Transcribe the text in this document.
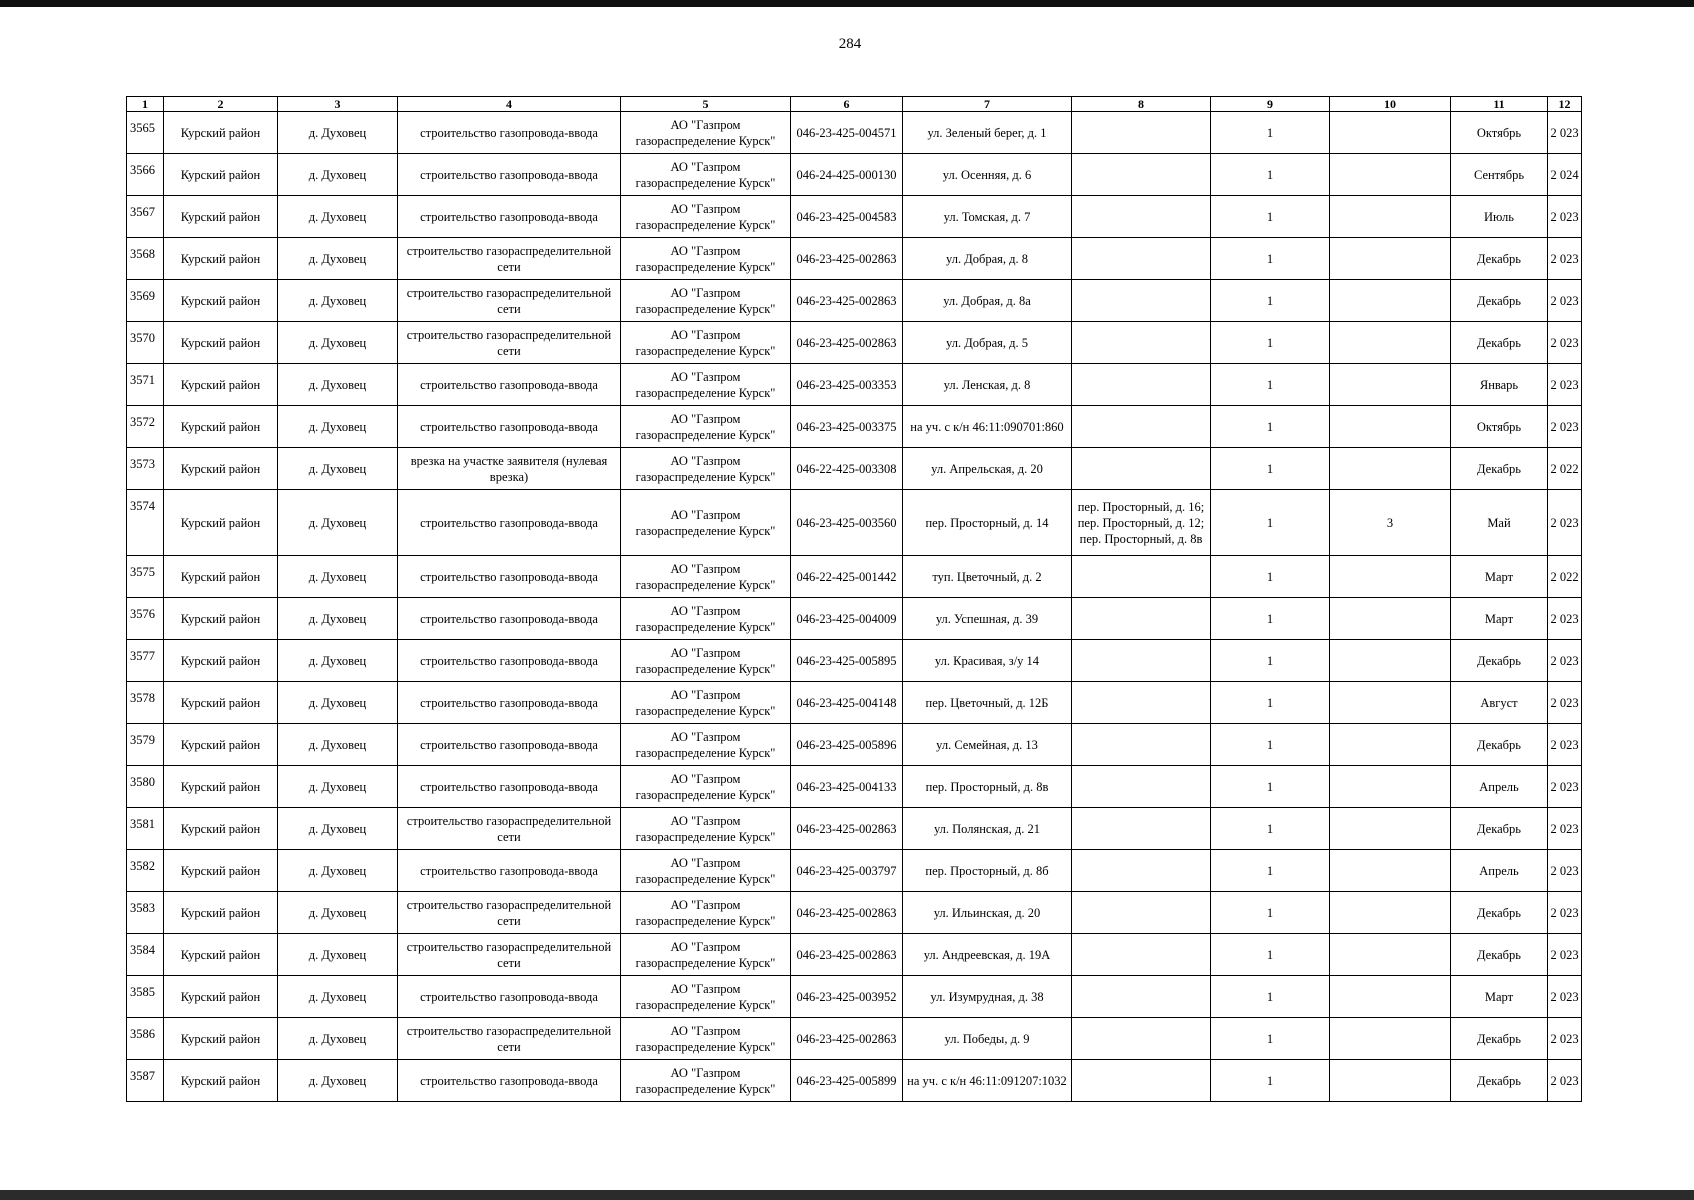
284
1	2	3	4	5	6	7	8	9	10	11	12
3565	Курский район	д. Духовец	строительство газопровода-ввода	АО "Газпром газораспределение Курск"	046-23-425-004571	ул. Зеленый берег, д. 1		1		Октябрь	2 023
3566	Курский район	д. Духовец	строительство газопровода-ввода	АО "Газпром газораспределение Курск"	046-24-425-000130	ул. Осенняя, д. 6		1		Сентябрь	2 024
3567	Курский район	д. Духовец	строительство газопровода-ввода	АО "Газпром газораспределение Курск"	046-23-425-004583	ул. Томская, д. 7		1		Июль	2 023
3568	Курский район	д. Духовец	строительство газораспределительной сети	АО "Газпром газораспределение Курск"	046-23-425-002863	ул. Добрая, д. 8		1		Декабрь	2 023
3569	Курский район	д. Духовец	строительство газораспределительной сети	АО "Газпром газораспределение Курск"	046-23-425-002863	ул. Добрая, д. 8а		1		Декабрь	2 023
3570	Курский район	д. Духовец	строительство газораспределительной сети	АО "Газпром газораспределение Курск"	046-23-425-002863	ул. Добрая, д. 5		1		Декабрь	2 023
3571	Курский район	д. Духовец	строительство газопровода-ввода	АО "Газпром газораспределение Курск"	046-23-425-003353	ул. Ленская, д. 8		1		Январь	2 023
3572	Курский район	д. Духовец	строительство газопровода-ввода	АО "Газпром газораспределение Курск"	046-23-425-003375	на уч. с к/н 46:11:090701:860		1		Октябрь	2 023
3573	Курский район	д. Духовец	врезка на участке заявителя (нулевая врезка)	АО "Газпром газораспределение Курск"	046-22-425-003308	ул. Апрельская, д. 20		1		Декабрь	2 022
3574	Курский район	д. Духовец	строительство газопровода-ввода	АО "Газпром газораспределение Курск"	046-23-425-003560	пер. Просторный, д. 14	пер. Просторный, д. 16; пер. Просторный, д. 12; пер. Просторный, д. 8в	1	3	Май	2 023
3575	Курский район	д. Духовец	строительство газопровода-ввода	АО "Газпром газораспределение Курск"	046-22-425-001442	туп. Цветочный, д. 2		1		Март	2 022
3576	Курский район	д. Духовец	строительство газопровода-ввода	АО "Газпром газораспределение Курск"	046-23-425-004009	ул. Успешная, д. 39		1		Март	2 023
3577	Курский район	д. Духовец	строительство газопровода-ввода	АО "Газпром газораспределение Курск"	046-23-425-005895	ул. Красивая, з/у 14		1		Декабрь	2 023
3578	Курский район	д. Духовец	строительство газопровода-ввода	АО "Газпром газораспределение Курск"	046-23-425-004148	пер. Цветочный, д. 12Б		1		Август	2 023
3579	Курский район	д. Духовец	строительство газопровода-ввода	АО "Газпром газораспределение Курск"	046-23-425-005896	ул. Семейная, д. 13		1		Декабрь	2 023
3580	Курский район	д. Духовец	строительство газопровода-ввода	АО "Газпром газораспределение Курск"	046-23-425-004133	пер. Просторный, д. 8в		1		Апрель	2 023
3581	Курский район	д. Духовец	строительство газораспределительной сети	АО "Газпром газораспределение Курск"	046-23-425-002863	ул. Полянская, д. 21		1		Декабрь	2 023
3582	Курский район	д. Духовец	строительство газопровода-ввода	АО "Газпром газораспределение Курск"	046-23-425-003797	пер. Просторный, д. 8б		1		Апрель	2 023
3583	Курский район	д. Духовец	строительство газораспределительной сети	АО "Газпром газораспределение Курск"	046-23-425-002863	ул. Ильинская, д. 20		1		Декабрь	2 023
3584	Курский район	д. Духовец	строительство газораспределительной сети	АО "Газпром газораспределение Курск"	046-23-425-002863	ул. Андреевская, д. 19А		1		Декабрь	2 023
3585	Курский район	д. Духовец	строительство газопровода-ввода	АО "Газпром газораспределение Курск"	046-23-425-003952	ул. Изумрудная, д. 38		1		Март	2 023
3586	Курский район	д. Духовец	строительство газораспределительной сети	АО "Газпром газораспределение Курск"	046-23-425-002863	ул. Победы, д. 9		1		Декабрь	2 023
3587	Курский район	д. Духовец	строительство газопровода-ввода	АО "Газпром газораспределение Курск"	046-23-425-005899	на уч. с к/н 46:11:091207:1032		1		Декабрь	2 023
